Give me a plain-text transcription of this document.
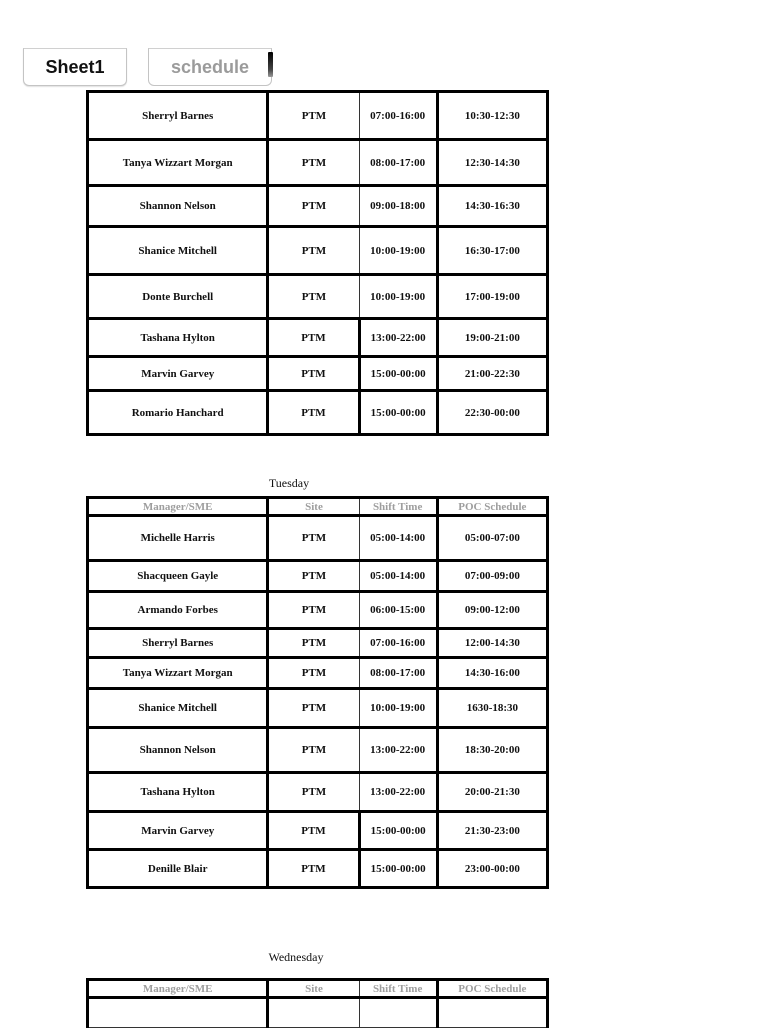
Sheet1	schedule
Sherryl Barnes	PTM	07:00-16:00	10:30-12:30
Tanya Wizzart Morgan	PTM	08:00-17:00	12:30-14:30
Shannon Nelson	PTM	09:00-18:00	14:30-16:30
Shanice Mitchell	PTM	10:00-19:00	16:30-17:00
Donte Burchell	PTM	10:00-19:00	17:00-19:00
Tashana Hylton	PTM	13:00-22:00	19:00-21:00
Marvin Garvey	PTM	15:00-00:00	21:00-22:30
Romario Hanchard	PTM	15:00-00:00	22:30-00:00
Tuesday
Manager/SME	Site	Shift Time	POC Schedule
Michelle Harris	PTM	05:00-14:00	05:00-07:00
Shacqueen Gayle	PTM	05:00-14:00	07:00-09:00
Armando Forbes	PTM	06:00-15:00	09:00-12:00
Sherryl Barnes	PTM	07:00-16:00	12:00-14:30
Tanya Wizzart Morgan	PTM	08:00-17:00	14:30-16:00
Shanice Mitchell	PTM	10:00-19:00	1630-18:30
Shannon Nelson	PTM	13:00-22:00	18:30-20:00
Tashana Hylton	PTM	13:00-22:00	20:00-21:30
Marvin Garvey	PTM	15:00-00:00	21:30-23:00
Denille Blair	PTM	15:00-00:00	23:00-00:00
Wednesday
Manager/SME	Site	Shift Time	POC Schedule
